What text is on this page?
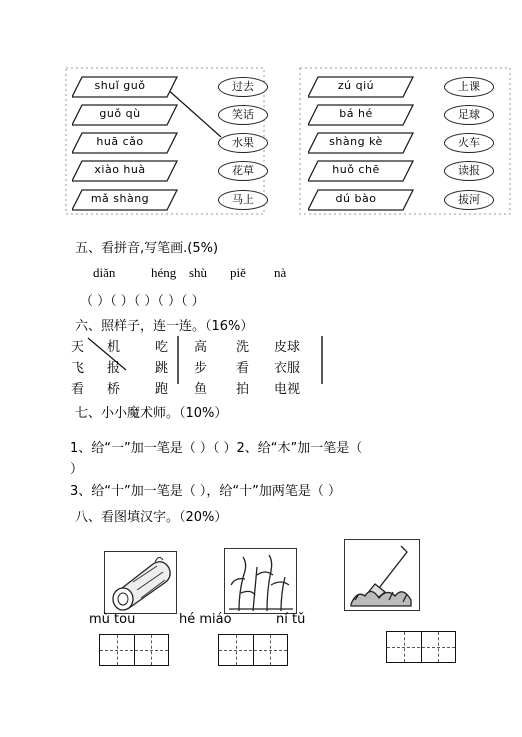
shuǐ guǒ
guǒ qù
huā cǎo
xiào huà
mǎ shàng
过去
笑话
水果
花草
马上
zú qiú
bá hé
shàng kè
huǒ chē
dú bào
上课
足球
火车
读报
拔河
五、看拼音,写笔画.(5%)
diǎn	héng shù piě nà
（ ）（ ）（ ）（ ）（ ）
六、照样子，连一连。（16%）
天 机	吃 高 洗 皮球
飞 报	跳 步 看 衣服
看 桥	跑 鱼 拍 电视
七、小小魔术师。（10%）
1、给“一”加一笔是（ ）（ ）2、给“木”加一笔是（
）
3、给“十”加一笔是（ ），给“十”加两笔是（ ）
八、看图填汉字。（20%）
mù tou	hé miáo	ní tǔ
